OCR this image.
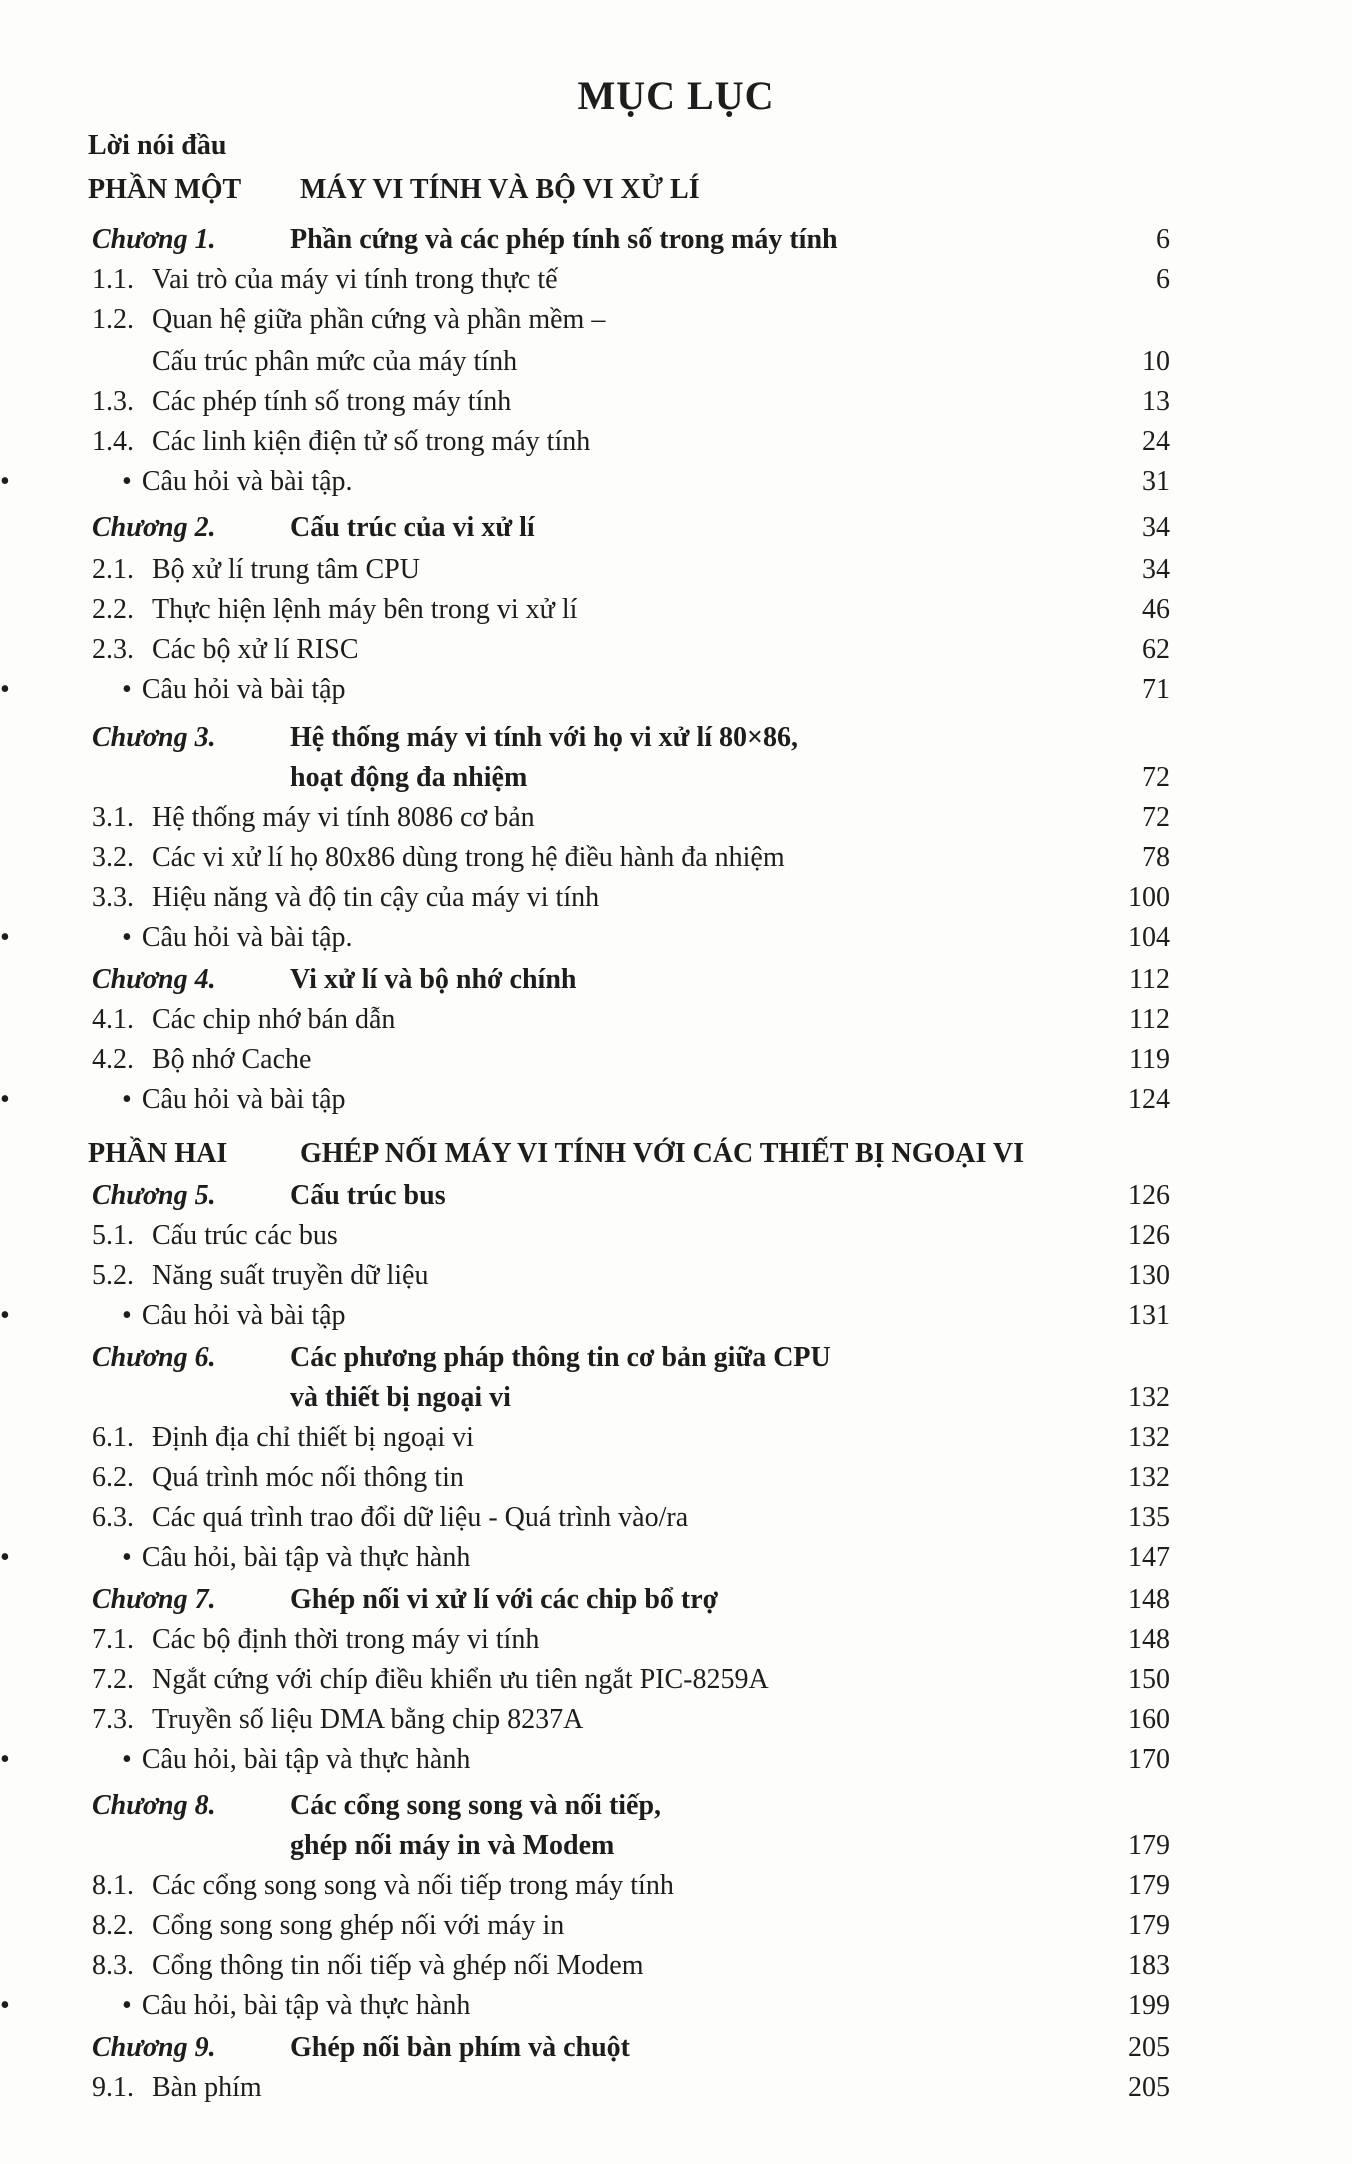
MỤC LỤC
Lời nói đầu
PHẦN MỘT MÁY VI TÍNH VÀ BỘ VI XỬ LÍ
Chương 1.	Phần cứng và các phép tính số trong máy tính	6
1.1. Vai trò của máy vi tính trong thực tế	6
1.2. Quan hệ giữa phần cứng và phần mềm –
Cấu trúc phân mức của máy tính	10
1.3. Các phép tính số trong máy tính	13
1.4. Các linh kiện điện tử số trong máy tính	24
• • Câu hỏi và bài tập.	31
Chương 2.	Cấu trúc của vi xử lí	34
2.1. Bộ xử lí trung tâm CPU	34
2.2. Thực hiện lệnh máy bên trong vi xử lí	46
2.3. Các bộ xử lí RISC	62
• • Câu hỏi và bài tập	71
Chương 3.	Hệ thống máy vi tính với họ vi xử lí 80×86,
hoạt động đa nhiệm	72
3.1. Hệ thống máy vi tính 8086 cơ bản	72
3.2. Các vi xử lí họ 80x86 dùng trong hệ điều hành đa nhiệm	78
3.3. Hiệu năng và độ tin cậy của máy vi tính	100
• • Câu hỏi và bài tập.	104
Chương 4.	Vi xử lí và bộ nhớ chính	112
4.1. Các chip nhớ bán dẫn	112
4.2. Bộ nhớ Cache	119
• • Câu hỏi và bài tập	124
PHẦN HAI	GHÉP NỐI MÁY VI TÍNH VỚI CÁC THIẾT BỊ NGOẠI VI
Chương 5.	Cấu trúc bus	126
5.1. Cấu trúc các bus	126
5.2. Năng suất truyền dữ liệu	130
• • Câu hỏi và bài tập	131
Chương 6.	Các phương pháp thông tin cơ bản giữa CPU
và thiết bị ngoại vi	132
6.1. Định địa chỉ thiết bị ngoại vi	132
6.2. Quá trình móc nối thông tin	132
6.3. Các quá trình trao đổi dữ liệu - Quá trình vào/ra	135
• • Câu hỏi, bài tập và thực hành	147
Chương 7.	Ghép nối vi xử lí với các chip bổ trợ	148
7.1. Các bộ định thời trong máy vi tính	148
7.2. Ngắt cứng với chíp điều khiển ưu tiên ngắt PIC-8259A	150
7.3. Truyền số liệu DMA bằng chip 8237A	160
• • Câu hỏi, bài tập và thực hành	170
Chương 8.	Các cổng song song và nối tiếp,
ghép nối máy in và Modem	179
8.1. Các cổng song song và nối tiếp trong máy tính	179
8.2. Cổng song song ghép nối với máy in	179
8.3. Cổng thông tin nối tiếp và ghép nối Modem	183
• • Câu hỏi, bài tập và thực hành	199
Chương 9.	Ghép nối bàn phím và chuột	205
9.1. Bàn phím	205
